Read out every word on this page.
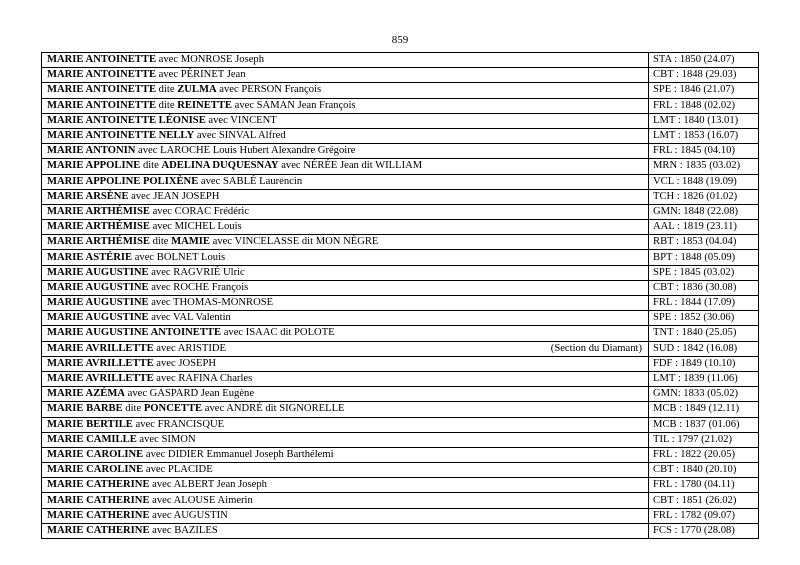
859
MARIE ANTOINETTE avec MONROSE Joseph	STA : 1850 (24.07)

MARIE ANTOINETTE avec PÉRINET Jean	CBT : 1848 (29.03)

MARIE ANTOINETTE dite ZULMA avec PERSON François	SPE : 1846 (21.07)

MARIE ANTOINETTE dite REINETTE avec SAMAN Jean François	FRL : 1848 (02.02)

MARIE ANTOINETTE LÉONISE avec VINCENT	LMT : 1840 (13.01)

MARIE ANTOINETTE NELLY avec SINVAL Alfred	LMT : 1853 (16.07)

MARIE ANTONIN avec LAROCHE Louis Hubert Alexandre Grégoire	FRL : 1845 (04.10)

MARIE APPOLINE dite ADELINA DUQUESNAY avec NÉRÉE Jean dit WILLIAM	MRN : 1835 (03.02)

MARIE APPOLINE POLIXÈNE avec SABLÉ Laurencin	VCL : 1848 (19.09)

MARIE ARSÈNE avec JEAN JOSEPH	TCH : 1826 (01.02)

MARIE ARTHÉMISE avec CORAC Frédéric	GMN: 1848 (22.08)

MARIE ARTHÉMISE avec MICHEL Louis	AAL : 1819 (23.11)

MARIE ARTHÉMISE dite MAMIE avec VINCELASSE dit MON NÈGRE	RBT : 1853 (04.04)

MARIE ASTÉRIE avec BOLNET Louis	BPT : 1848 (05.09)

MARIE AUGUSTINE avec RAGVRIÉ Ulric	SPE : 1845 (03.02)

MARIE AUGUSTINE avec ROCHE François	CBT : 1836 (30.08)

MARIE AUGUSTINE avec THOMAS-MONROSE	FRL : 1844 (17.09)

MARIE AUGUSTINE avec VAL Valentin	SPE : 1852 (30.06)

MARIE AUGUSTINE ANTOINETTE avec ISAAC dit POLOTE	TNT : 1840 (25.05)

MARIE AVRILLETTE avec ARISTIDE (Section du Diamant)	SUD : 1842 (16.08)

MARIE AVRILLETTE avec JOSEPH	FDF : 1849 (10.10)

MARIE AVRILLETTE avec RAFINA Charles	LMT : 1839 (11.06)

MARIE AZÉMA avec GASPARD Jean Eugène	GMN: 1833 (05.02)

MARIE BARBE dite PONCETTE avec ANDRÉ dit SIGNORELLE	MCB : 1849 (12.11)

MARIE BERTILE avec FRANCISQUE	MCB : 1837 (01.06)

MARIE CAMILLE avec SIMON	TIL : 1797 (21.02)

MARIE CAROLINE avec DIDIER Emmanuel Joseph Barthélemi	FRL : 1822 (20.05)

MARIE CAROLINE avec PLACIDE	CBT : 1840 (20.10)

MARIE CATHERINE avec ALBERT Jean Joseph	FRL : 1780 (04.11)

MARIE CATHERINE avec ALOUSE Aimerin	CBT : 1851 (26.02)

MARIE CATHERINE avec AUGUSTIN	FRL : 1782 (09.07)

MARIE CATHERINE avec BAZILES	FCS : 1770 (28.08)
